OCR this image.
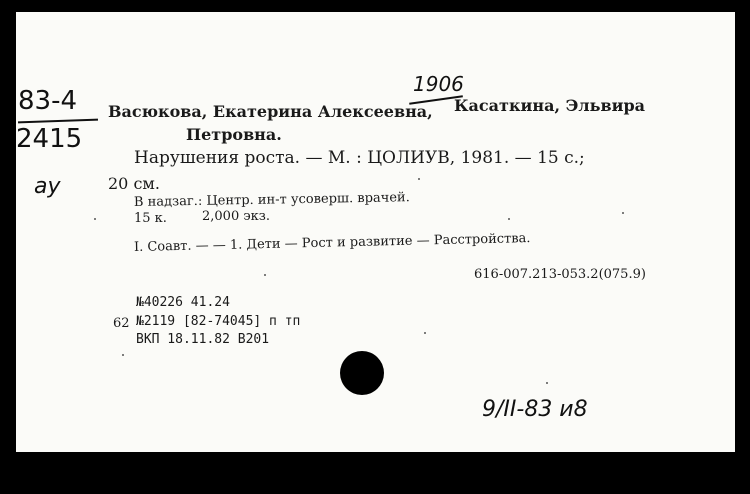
83-4
2415
ay
1906
Васюкова, Екатерина Алексеевна, Касаткина, Эльвира
Петровна.
Нарушения роста. — М. : ЦОЛИУВ, 1981. — 15 с.;
20 см.
В надзаг.: Центр. ин-т усоверш. врачей.
15 к.	2,000 экз.
I. Соавт. — — 1. Дети — Рост и развитие — Расстройства.
616-007.213-053.2(075.9)
№40226 41.24
62 №2119 [82-74045] п тп
ВКП 18.11.82 В201
9/II-83 и8
